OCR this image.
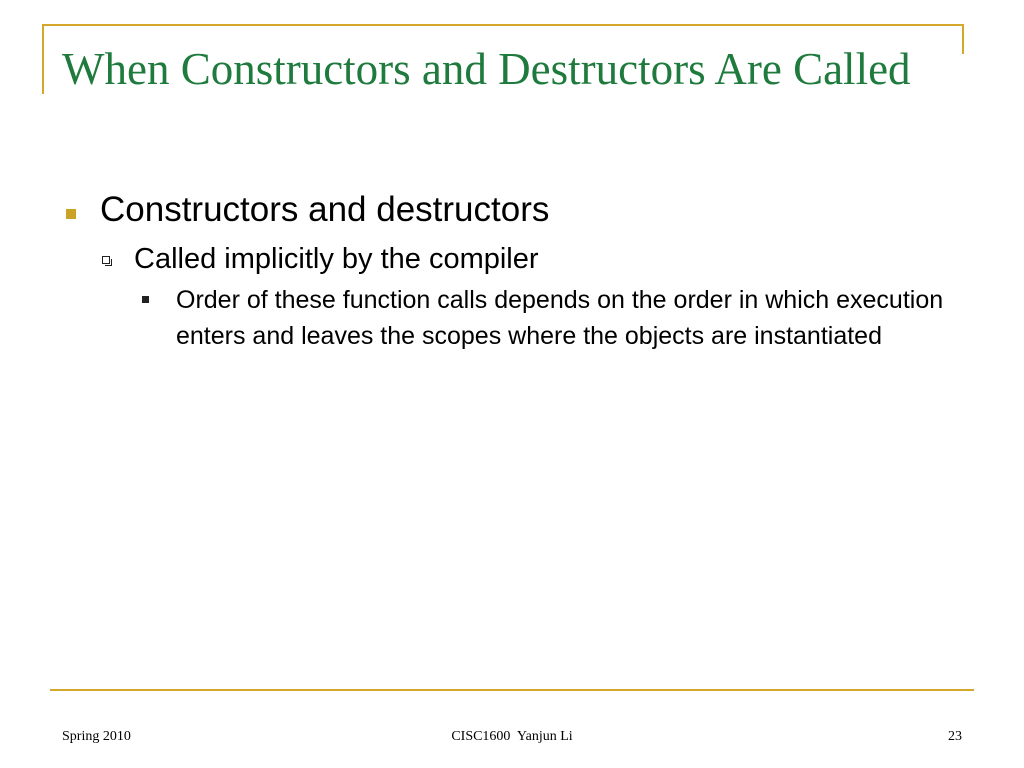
When Constructors and Destructors Are Called
Constructors and destructors
Called implicitly by the compiler
Order of these function calls depends on the order in which execution enters and leaves the scopes where the objects are instantiated
Spring 2010	CISC1600  Yanjun Li	23
